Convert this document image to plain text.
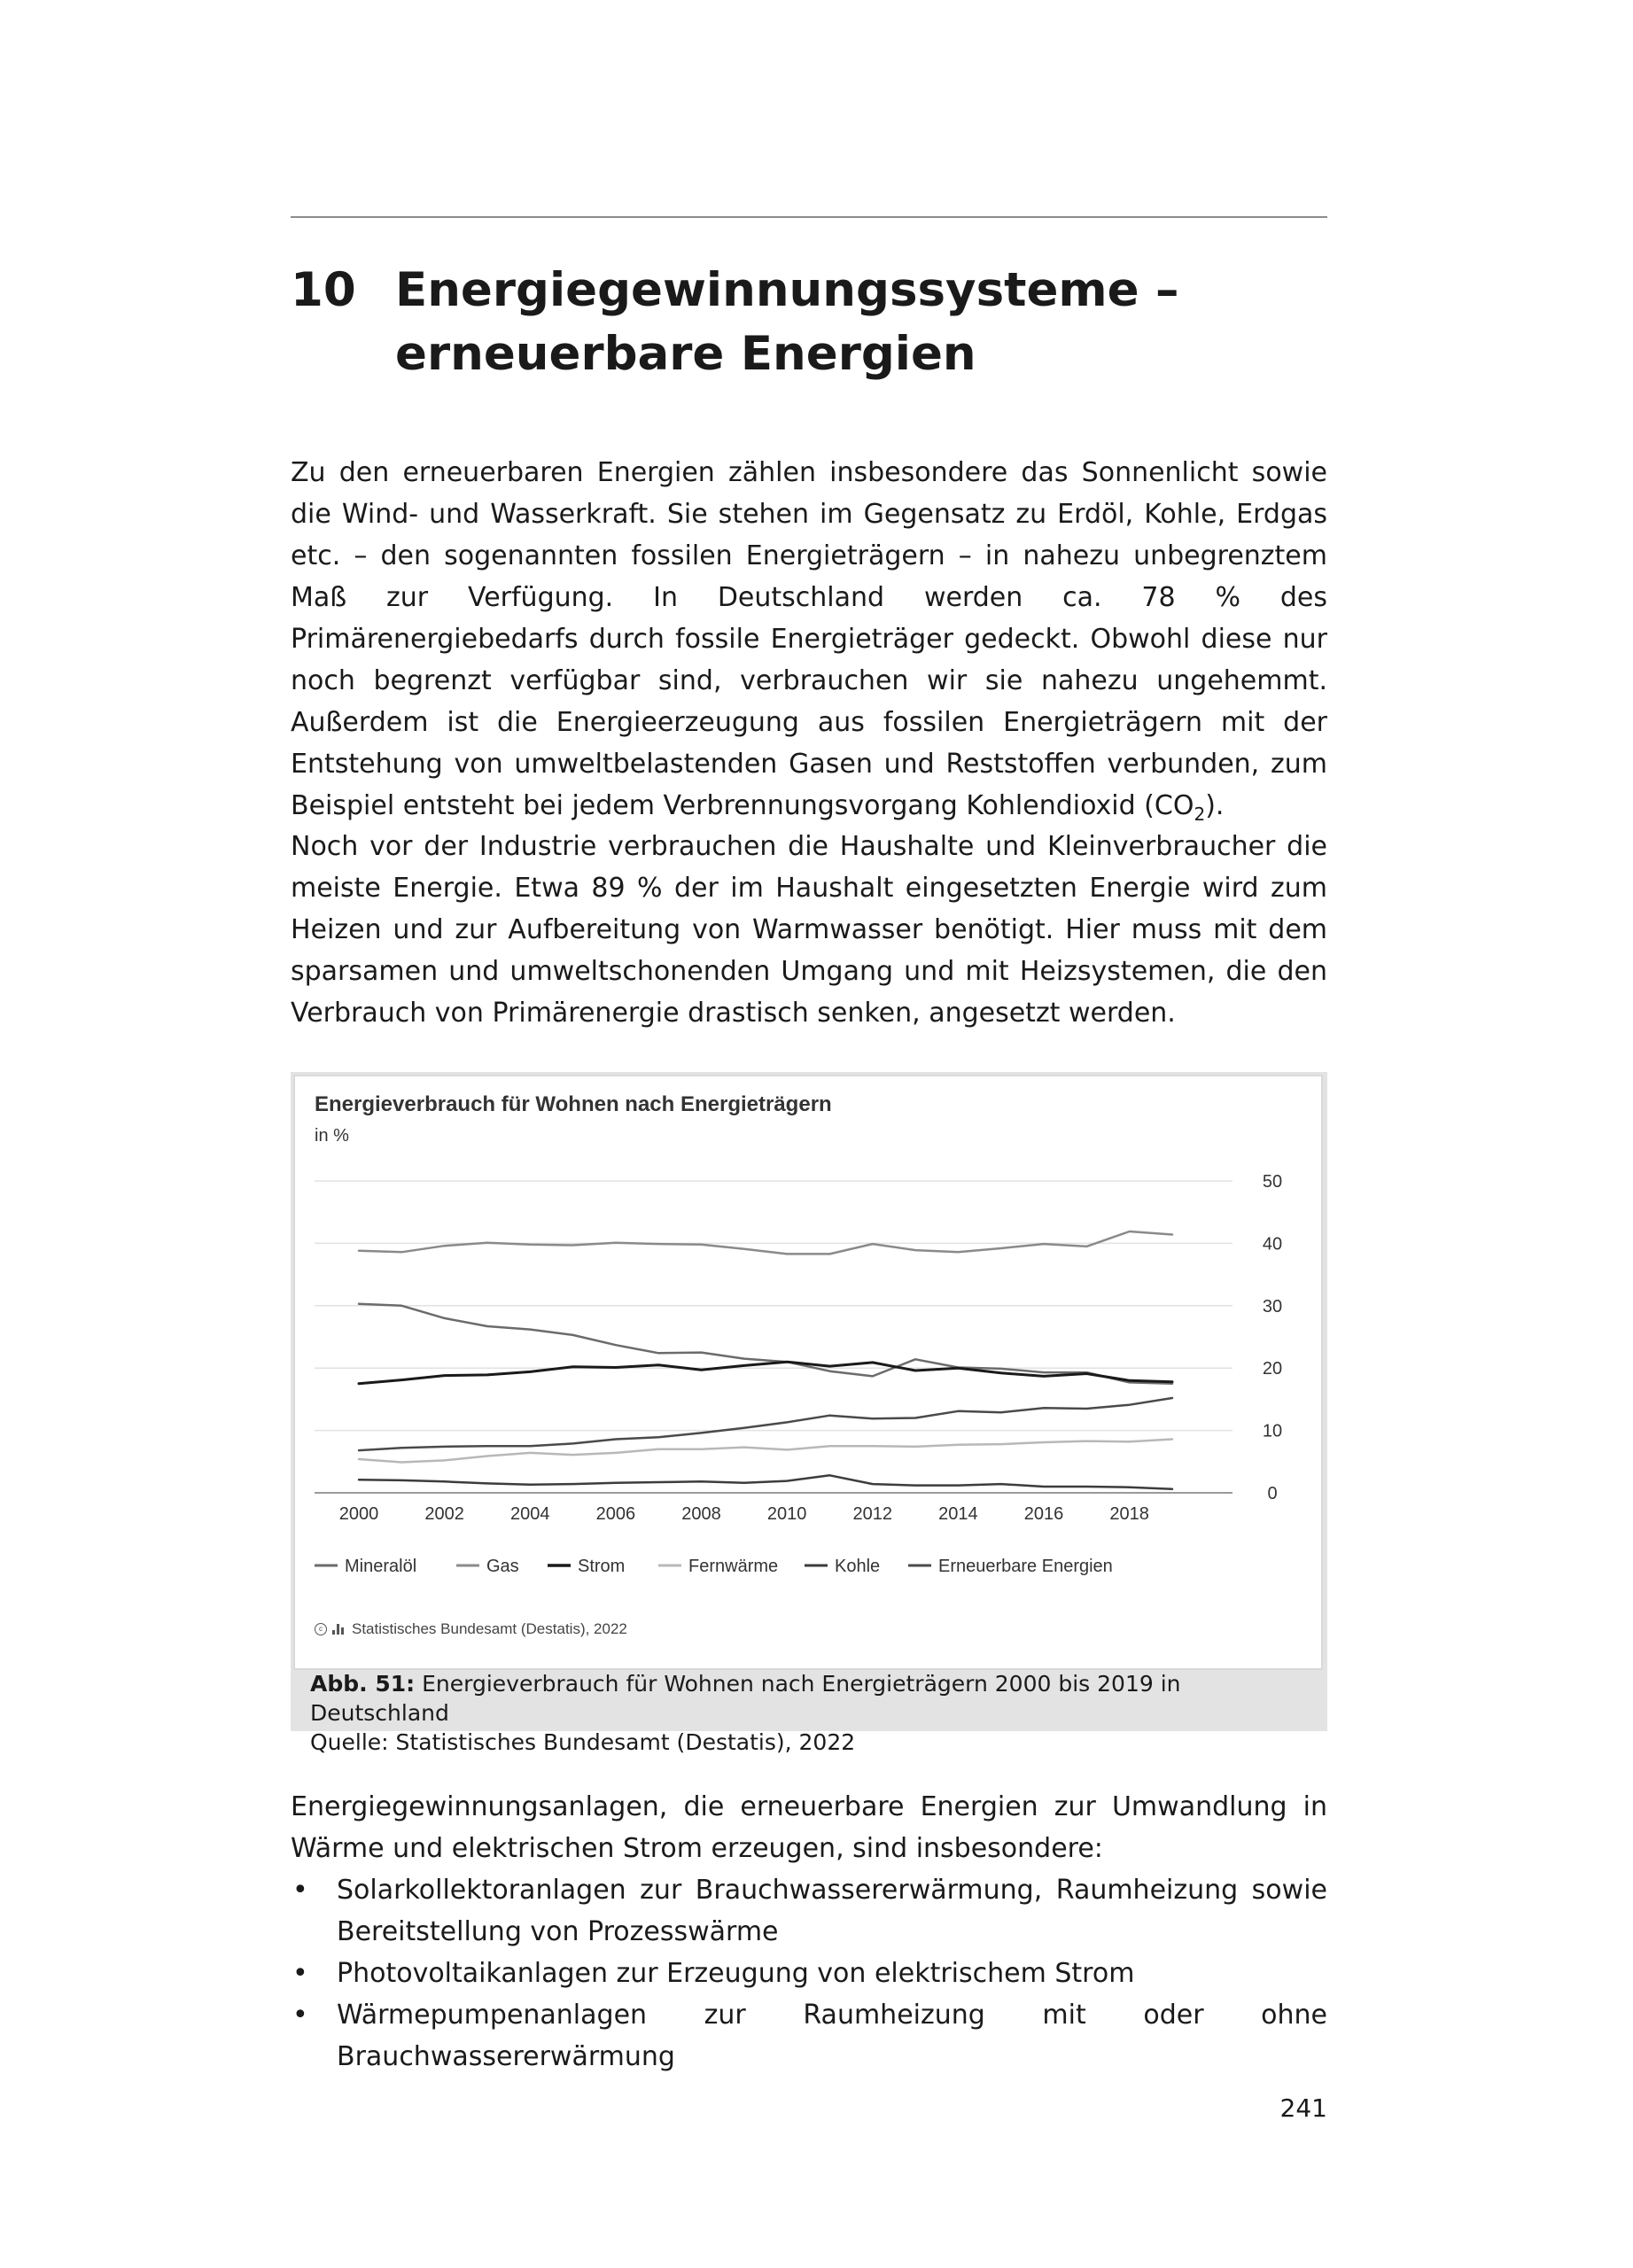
10 Energiegewinnungssysteme – erneuerbare Energien

Zu den erneuerbaren Energien zählen insbesondere das Sonnenlicht sowie die Wind- und Wasserkraft. Sie stehen im Gegensatz zu Erdöl, Kohle, Erdgas etc. – den sogenannten fossilen Energieträgern – in nahezu unbegrenztem Maß zur Verfügung. In Deutschland werden ca. 78 % des Primärenergiebedarfs durch fossile Energieträger gedeckt. Obwohl diese nur noch begrenzt verfügbar sind, verbrauchen wir sie nahezu ungehemmt. Außerdem ist die Energieerzeugung aus fossilen Energieträgern mit der Entstehung von umweltbelastenden Gasen und Reststoffen verbunden, zum Beispiel entsteht bei jedem Verbrennungsvorgang Kohlendioxid $(CO_2)$.

Noch vor der Industrie verbrauchen die Haushalte und Kleinverbraucher die meiste Energie. Etwa 89 % der im Haushalt eingesetzten Energie wird zum Heizen und zur Aufbereitung von Warmwasser benötigt. Hier muss mit dem sparsamen und umweltschonenden Umgang und mit Heizsystemen, die den Verbrauch von Primärenergie drastisch senken, angesetzt werden.

0
10
20
30
40
50
2000	2002	2004	2006	2008	2010	2012	2014	2016	2018
Mineralöl	Gas	Strom	Fernwärme	Kohle	Erneuerbare Energien
Energieverbrauch für Wohnen nach Energieträgern
in %
c Statistisches Bundesamt (Destatis), 2022
Abb. 51: Energieverbrauch für Wohnen nach Energieträgern 2000 bis 2019 in Deutschland
Quelle: Statistisches Bundesamt (Destatis), 2022

Energiegewinnungsanlagen, die erneuerbare Energien zur Umwandlung in Wärme und elektrischen Strom erzeugen, sind insbesondere:

• Solarkollektoranlagen zur Brauchwassererwärmung, Raumheizung sowie Bereitstellung von Prozesswärme
• Photovoltaikanlagen zur Erzeugung von elektrischem Strom
• Wärmepumpenanlagen zur Raumheizung mit oder ohne Brauchwassererwärmung
241
